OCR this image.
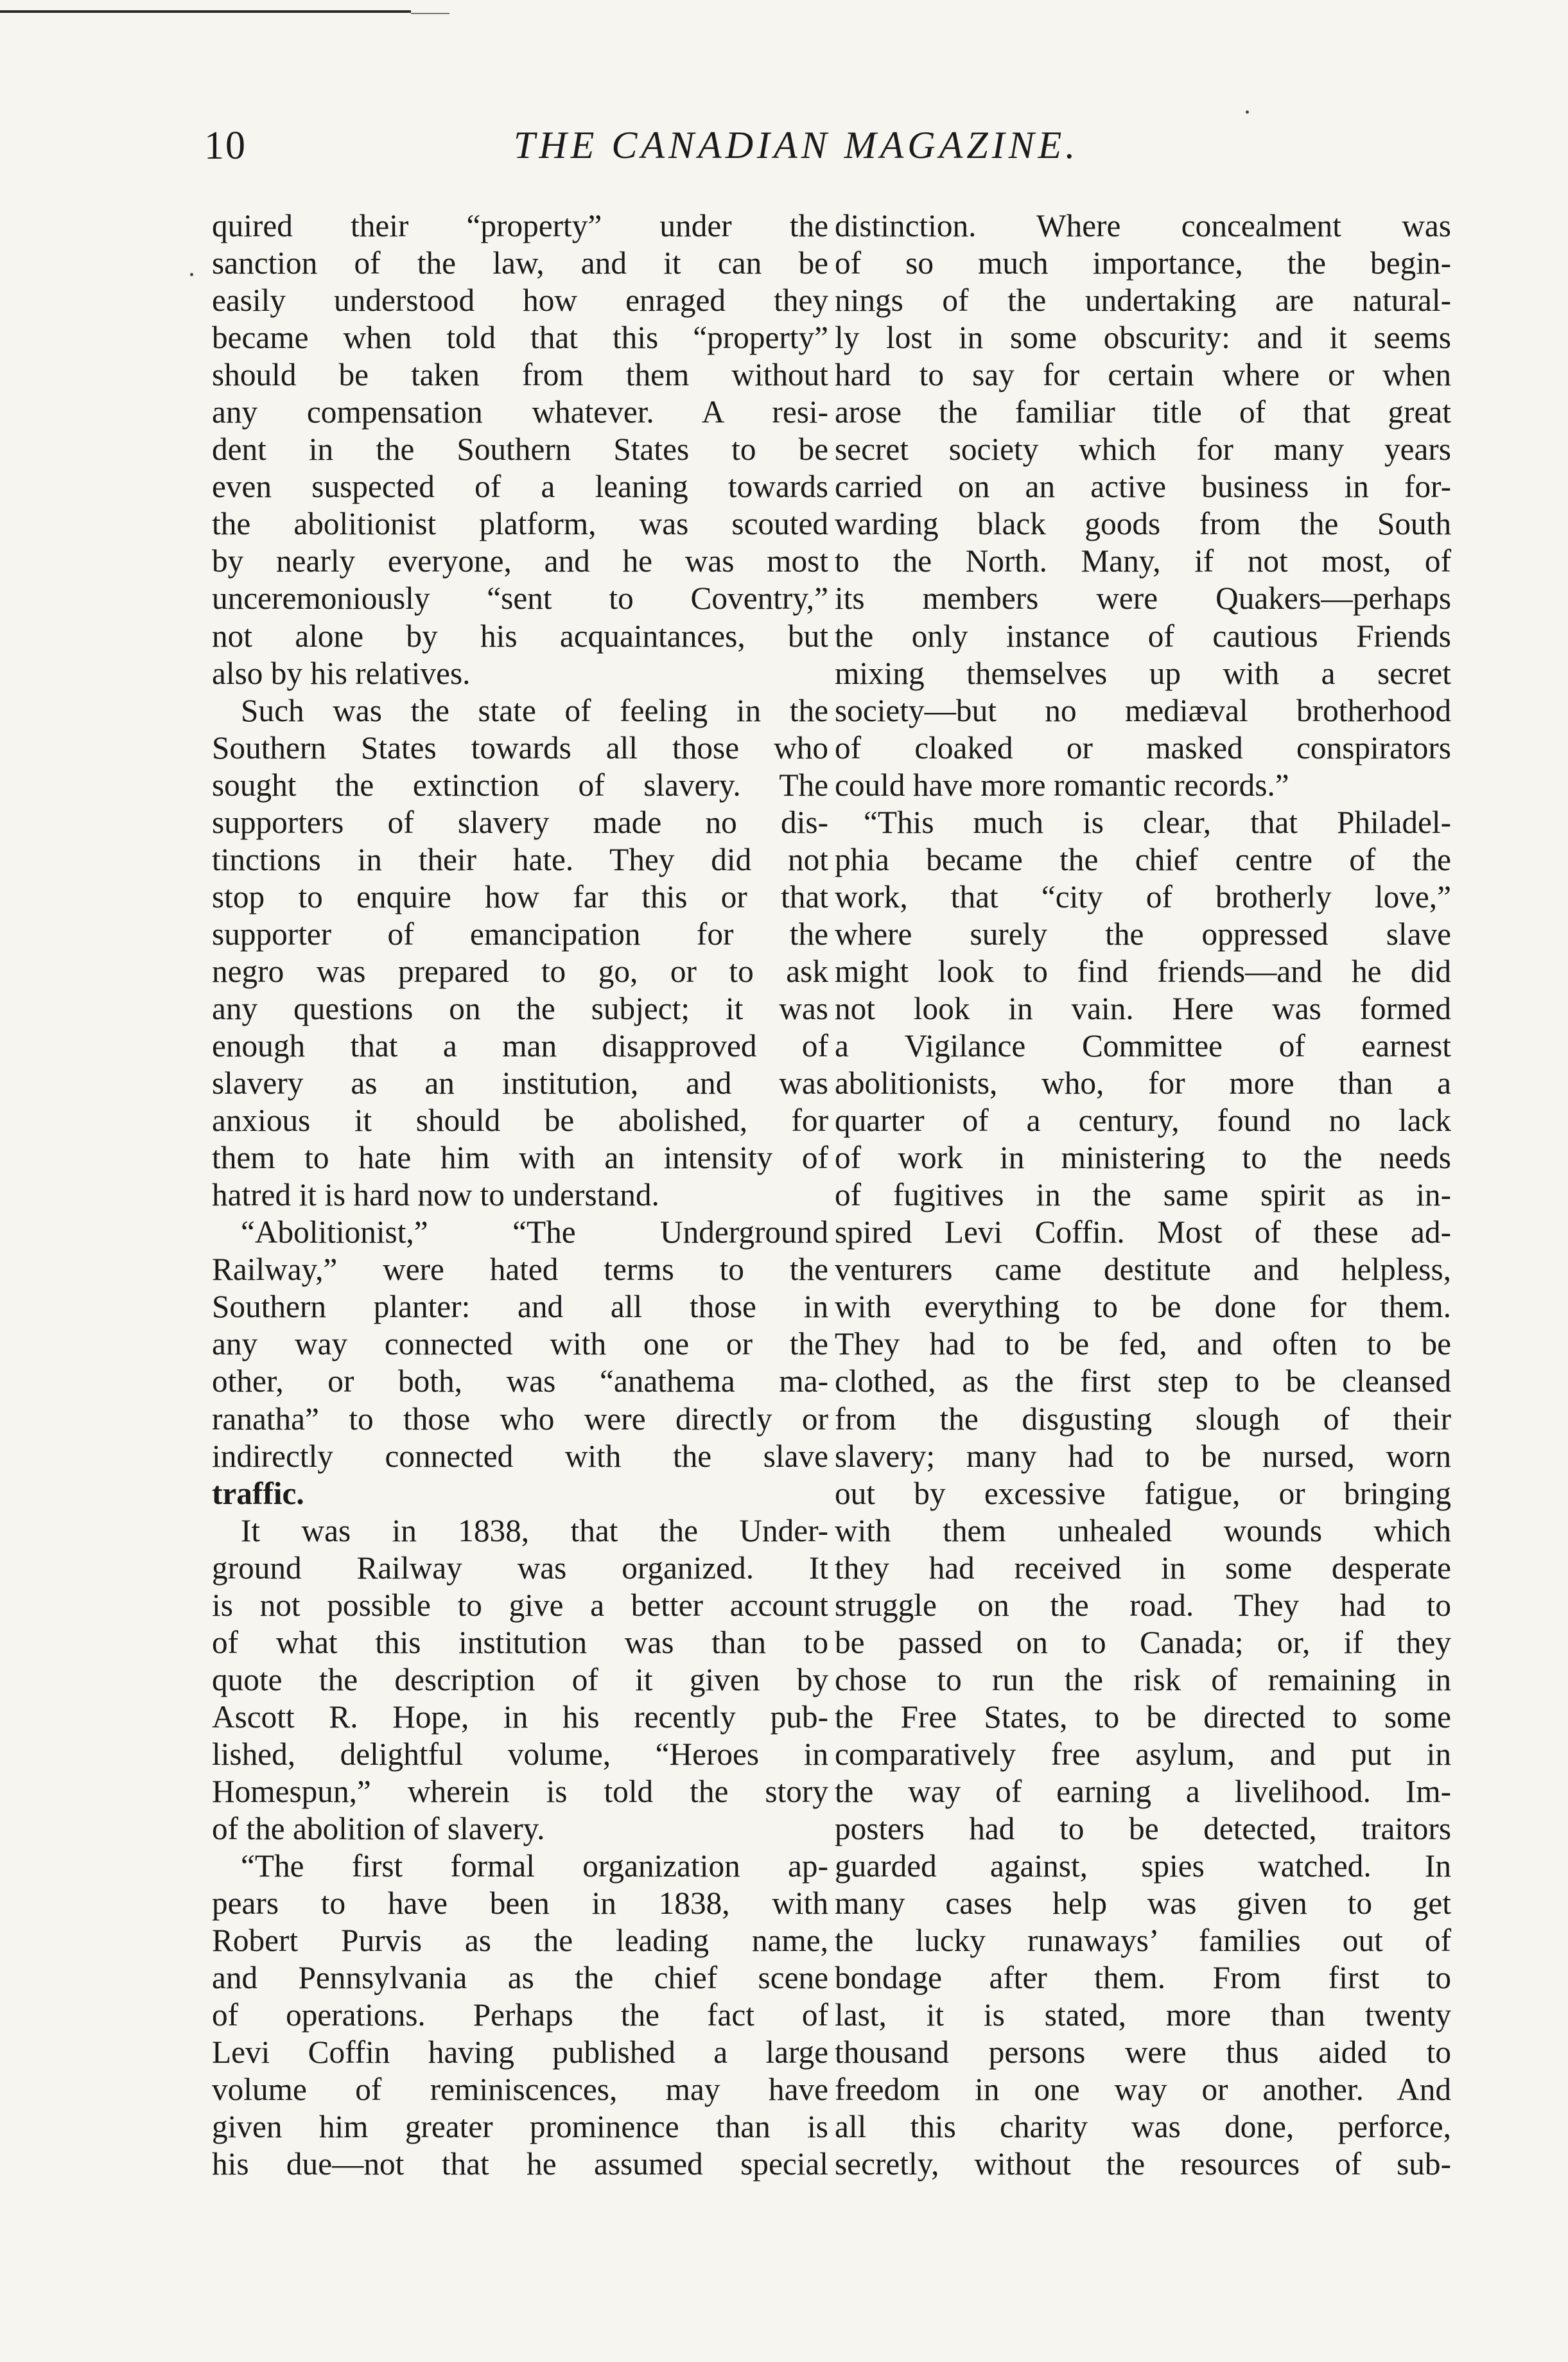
10	THE CANADIAN MAGAZINE.
quired their “property” under the
sanction of the law, and it can be
easily understood how enraged they
became when told that this “property”
should be taken from them without
any compensation whatever. A resi-
dent in the Southern States to be
even suspected of a leaning towards
the abolitionist platform, was scouted
by nearly everyone, and he was most
unceremoniously “sent to Coventry,”
not alone by his acquaintances, but
also by his relatives.
Such was the state of feeling in the
Southern States towards all those who
sought the extinction of slavery. The
supporters of slavery made no dis-
tinctions in their hate. They did not
stop to enquire how far this or that
supporter of emancipation for the
negro was prepared to go, or to ask
any questions on the subject; it was
enough that a man disapproved of
slavery as an institution, and was
anxious it should be abolished, for
them to hate him with an intensity of
hatred it is hard now to understand.
“Abolitionist,” “The Underground
Railway,” were hated terms to the
Southern planter: and all those in
any way connected with one or the
other, or both, was “anathema ma-
ranatha” to those who were directly or
indirectly connected with the slave
traffic.
It was in 1838, that the Under-
ground Railway was organized. It
is not possible to give a better account
of what this institution was than to
quote the description of it given by
Ascott R. Hope, in his recently pub-
lished, delightful volume, “Heroes in
Homespun,” wherein is told the story
of the abolition of slavery.
“The first formal organization ap-
pears to have been in 1838, with
Robert Purvis as the leading name,
and Pennsylvania as the chief scene
of operations. Perhaps the fact of
Levi Coffin having published a large
volume of reminiscences, may have
given him greater prominence than is
his due—not that he assumed special
distinction. Where concealment was
of so much importance, the begin-
nings of the undertaking are natural-
ly lost in some obscurity: and it seems
hard to say for certain where or when
arose the familiar title of that great
secret society which for many years
carried on an active business in for-
warding black goods from the South
to the North. Many, if not most, of
its members were Quakers—perhaps
the only instance of cautious Friends
mixing themselves up with a secret
society—but no mediæval brotherhood
of cloaked or masked conspirators
could have more romantic records.”
“This much is clear, that Philadel-
phia became the chief centre of the
work, that “city of brotherly love,”
where surely the oppressed slave
might look to find friends—and he did
not look in vain. Here was formed
a Vigilance Committee of earnest
abolitionists, who, for more than a
quarter of a century, found no lack
of work in ministering to the needs
of fugitives in the same spirit as in-
spired Levi Coffin. Most of these ad-
venturers came destitute and helpless,
with everything to be done for them.
They had to be fed, and often to be
clothed, as the first step to be cleansed
from the disgusting slough of their
slavery; many had to be nursed, worn
out by excessive fatigue, or bringing
with them unhealed wounds which
they had received in some desperate
struggle on the road. They had to
be passed on to Canada; or, if they
chose to run the risk of remaining in
the Free States, to be directed to some
comparatively free asylum, and put in
the way of earning a livelihood. Im-
posters had to be detected, traitors
guarded against, spies watched. In
many cases help was given to get
the lucky runaways’ families out of
bondage after them. From first to
last, it is stated, more than twenty
thousand persons were thus aided to
freedom in one way or another. And
all this charity was done, perforce,
secretly, without the resources of sub-
